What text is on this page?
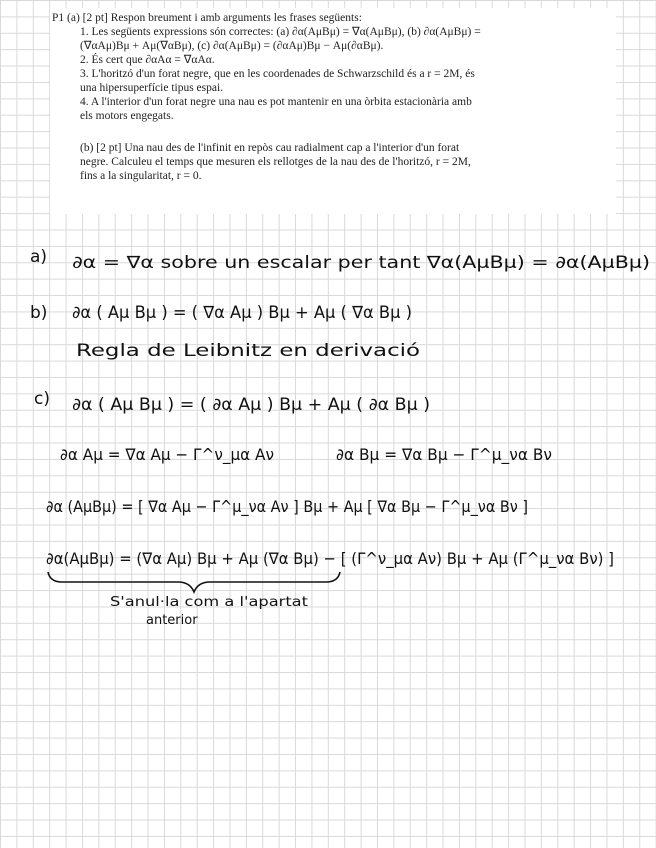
P1 (a) [2 pt] Respon breument i amb arguments les frases següents:
1. Les següents expressions són correctes: (a) ∂α(AμBμ) = ∇α(AμBμ), (b) ∂α(AμBμ) =
(∇αAμ)Bμ + Aμ(∇αBμ), (c) ∂α(AμBμ) = (∂αAμ)Bμ − Aμ(∂αBμ).
2. És cert que ∂αAα = ∇αAα.
3. L'horitzó d'un forat negre, que en les coordenades de Schwarzschild és a r = 2M, és
una hipersuperfície tipus espai.
4. A l'interior d'un forat negre una nau es pot mantenir en una òrbita estacionària amb
els motors engegats.
(b) [2 pt] Una nau des de l'infinit en repòs cau radialment cap a l'interior d'un forat
negre. Calculeu el temps que mesuren els rellotges de la nau des de l'horitzó, r = 2M,
fins a la singularitat, r = 0.
a) ∂α = ∇α sobre un escalar per tant ∇α(AμBμ) = ∂α(AμBμ)
b) ∂α ( Aμ Bμ ) = ( ∇α Aμ ) Bμ + Aμ ( ∇α Bμ )
Regla de Leibnitz en derivació
c) ∂α ( Aμ Bμ ) = ( ∂α Aμ ) Bμ + Aμ ( ∂α Bμ )
∂α Aμ = ∇α Aμ − Γ^ν_μα Aν	∂α Bμ = ∇α Bμ − Γ^μ_να Bν
∂α (AμBμ) = [ ∇α Aμ − Γ^μ_να Aν ] Bμ + Aμ [ ∇α Bμ − Γ^μ_να Bν ]
∂α(AμBμ) = (∇α Aμ) Bμ + Aμ (∇α Bμ) − [ (Γ^ν_μα Aν) Bμ + Aμ (Γ^μ_να Bν) ]
S'anul·la com a l'apartat
anterior
